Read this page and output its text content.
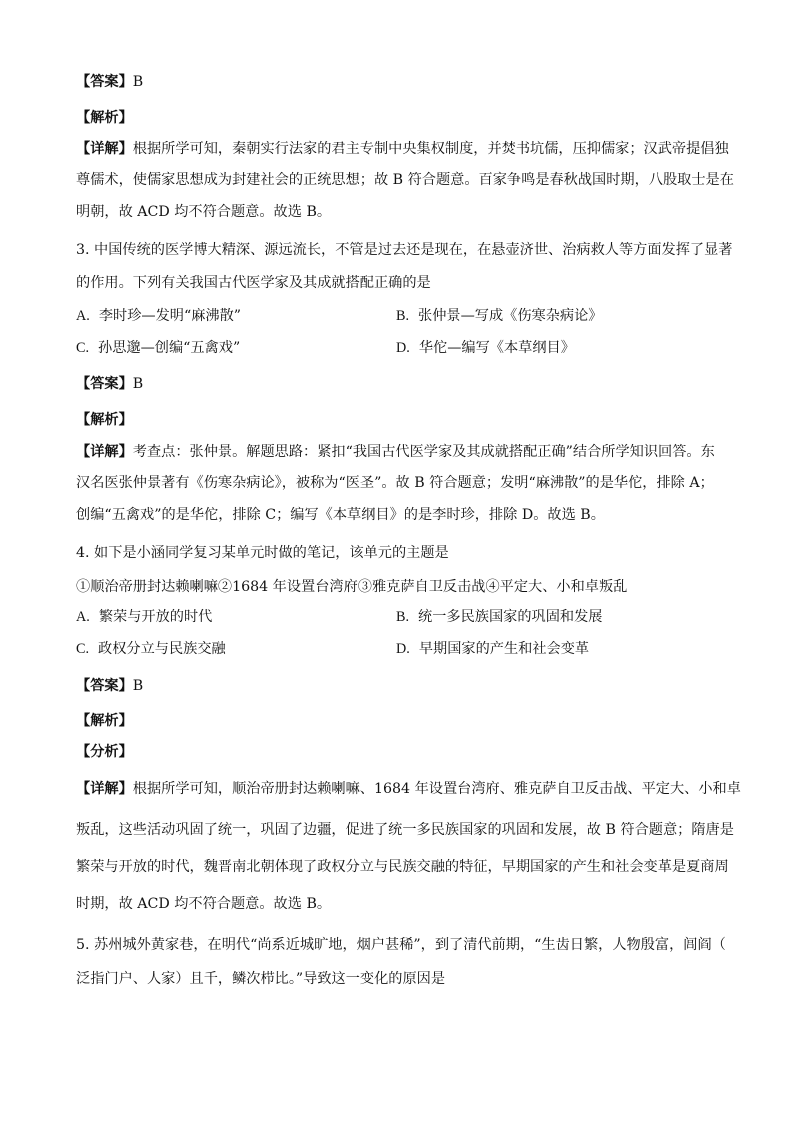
【答案】B
【解析】
【详解】根据所学可知，秦朝实行法家的君主专制中央集权制度，并焚书坑儒，压抑儒家；汉武帝提倡独
尊儒术，使儒家思想成为封建社会的正统思想；故 B 符合题意。百家争鸣是春秋战国时期，八股取士是在
明朝，故 ACD 均不符合题意。故选 B。
3. 中国传统的医学博大精深、源远流长，不管是过去还是现在，在悬壶济世、治病救人等方面发挥了显著
的作用。下列有关我国古代医学家及其成就搭配正确的是
A. 李时珍—发明“麻沸散”	B. 张仲景—写成《伤寒杂病论》
C. 孙思邈—创编“五禽戏”	D. 华佗—编写《本草纲目》
【答案】B
【解析】
【详解】考查点：张仲景。解题思路：紧扣“我国古代医学家及其成就搭配正确”结合所学知识回答。东
汉名医张仲景著有《伤寒杂病论》，被称为“医圣”。故 B 符合题意；发明“麻沸散”的是华佗，排除 A；
创编“五禽戏”的是华佗，排除 C；编写《本草纲目》的是李时珍，排除 D。故选 B。
4. 如下是小涵同学复习某单元时做的笔记，该单元的主题是
①顺治帝册封达赖喇嘛②1684 年设置台湾府③雅克萨自卫反击战④平定大、小和卓叛乱
A. 繁荣与开放的时代	B. 统一多民族国家的巩固和发展
C. 政权分立与民族交融	D. 早期国家的产生和社会变革
【答案】B
【解析】
【分析】
【详解】根据所学可知，顺治帝册封达赖喇嘛、1684 年设置台湾府、雅克萨自卫反击战、平定大、小和卓
叛乱，这些活动巩固了统一，巩固了边疆，促进了统一多民族国家的巩固和发展，故 B 符合题意；隋唐是
繁荣与开放的时代，魏晋南北朝体现了政权分立与民族交融的特征，早期国家的产生和社会变革是夏商周
时期，故 ACD 均不符合题意。故选 B。
5. 苏州城外黄家巷，在明代“尚系近城旷地，烟户甚稀”，到了清代前期，“生齿日繁，人物殷富，闾阎（
泛指门户、人家）且千，鳞次栉比。”导致这一变化的原因是
